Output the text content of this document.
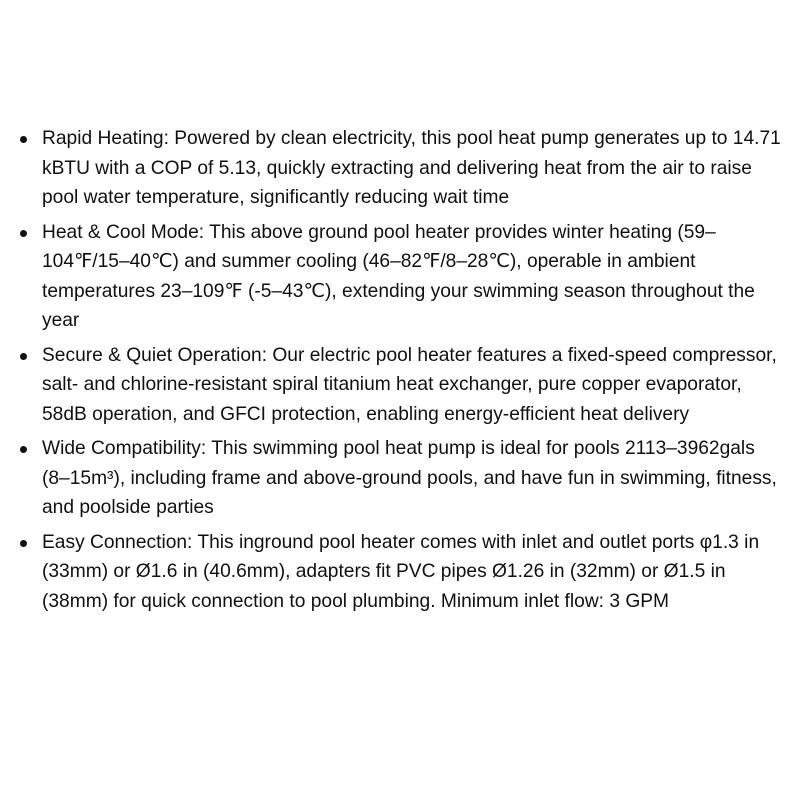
Rapid Heating: Powered by clean electricity, this pool heat pump generates up to 14.71 kBTU with a COP of 5.13, quickly extracting and delivering heat from the air to raise pool water temperature, significantly reducing wait time
Heat & Cool Mode: This above ground pool heater provides winter heating (59–104℉/15–40℃) and summer cooling (46–82℉/8–28℃), operable in ambient temperatures 23–109℉ (-5–43℃), extending your swimming season throughout the year
Secure & Quiet Operation: Our electric pool heater features a fixed-speed compressor, salt- and chlorine-resistant spiral titanium heat exchanger, pure copper evaporator, 58dB operation, and GFCI protection, enabling energy-efficient heat delivery
Wide Compatibility: This swimming pool heat pump is ideal for pools 2113–3962gals (8–15m³), including frame and above-ground pools, and have fun in swimming, fitness, and poolside parties
Easy Connection: This inground pool heater comes with inlet and outlet ports φ1.3 in (33mm) or Ø1.6 in (40.6mm), adapters fit PVC pipes Ø1.26 in (32mm) or Ø1.5 in (38mm) for quick connection to pool plumbing. Minimum inlet flow: 3 GPM
